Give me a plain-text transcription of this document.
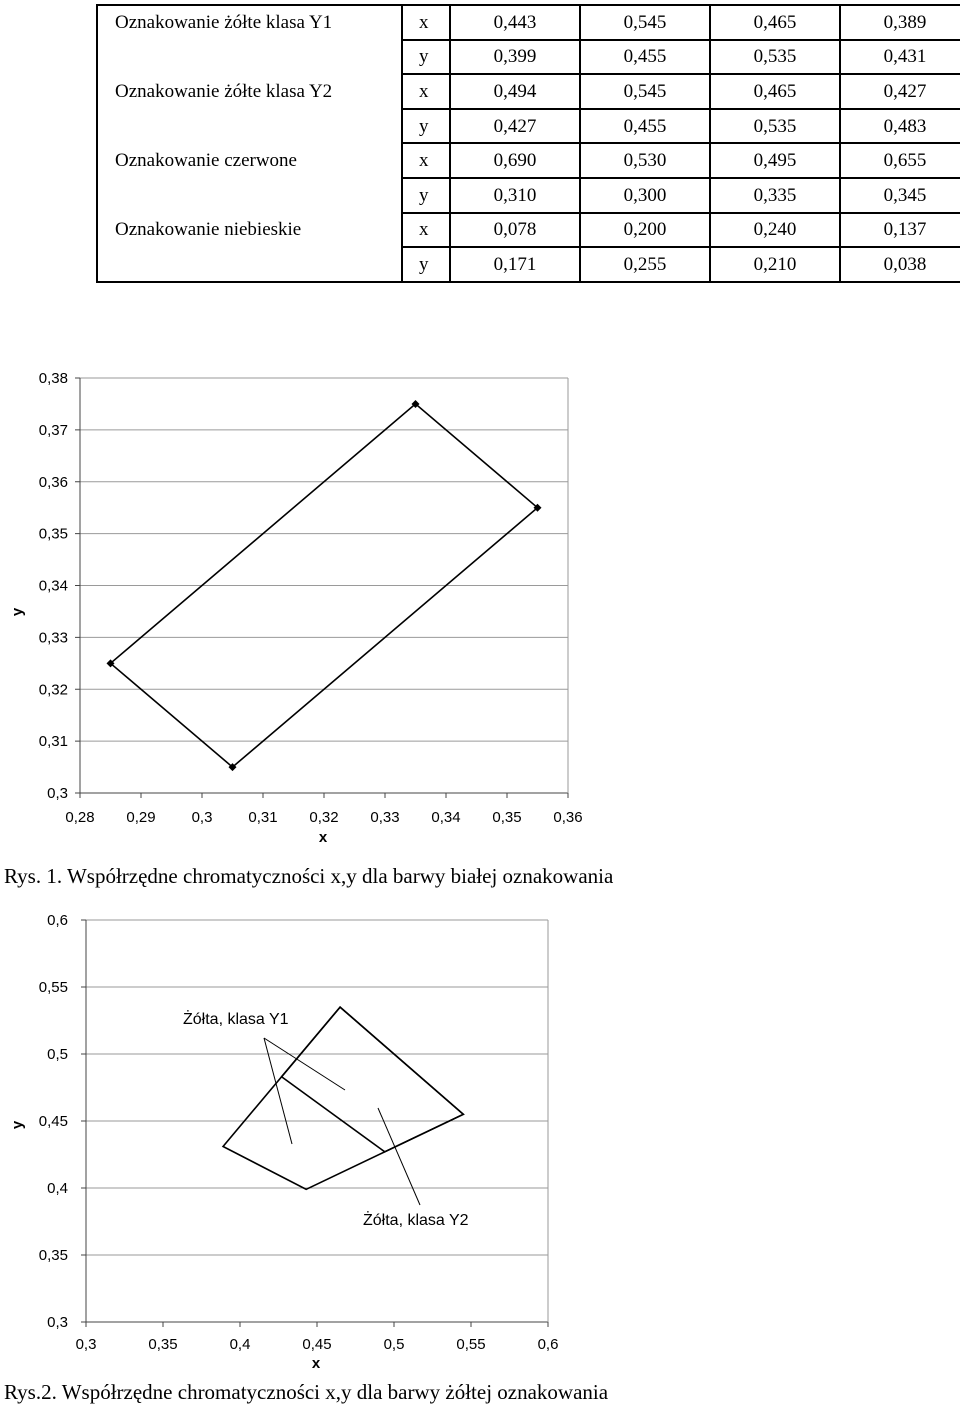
Oznakowanie żółte klasa Y1	x	0,443	0,545	0,465	0,389
	y	0,399	0,455	0,535	0,431
Oznakowanie żółte klasa Y2	x	0,494	0,545	0,465	0,427
	y	0,427	0,455	0,535	0,483
Oznakowanie czerwone	x	0,690	0,530	0,495	0,655
	y	0,310	0,300	0,335	0,345
Oznakowanie niebieskie	x	0,078	0,200	0,240	0,137
	y	0,171	0,255	0,210	0,038
0,38
0,37
0,36
0,35
0,34
0,33
0,32
0,31
0,3
0,28 0,29 0,3 0,31 0,32 0,33 0,34 0,35 0,36
x
y
Rys. 1. Współrzędne chromatyczności x,y dla barwy białej oznakowania
0,6
0,55
0,5
0,45
0,4
0,35
0,3
0,3	0,35	0,4	0,45	0,5	0,55	0,6
Żółta, klasa Y1
Żółta, klasa Y2
x
y
Rys.2. Współrzędne chromatyczności x,y dla barwy żółtej oznakowania
